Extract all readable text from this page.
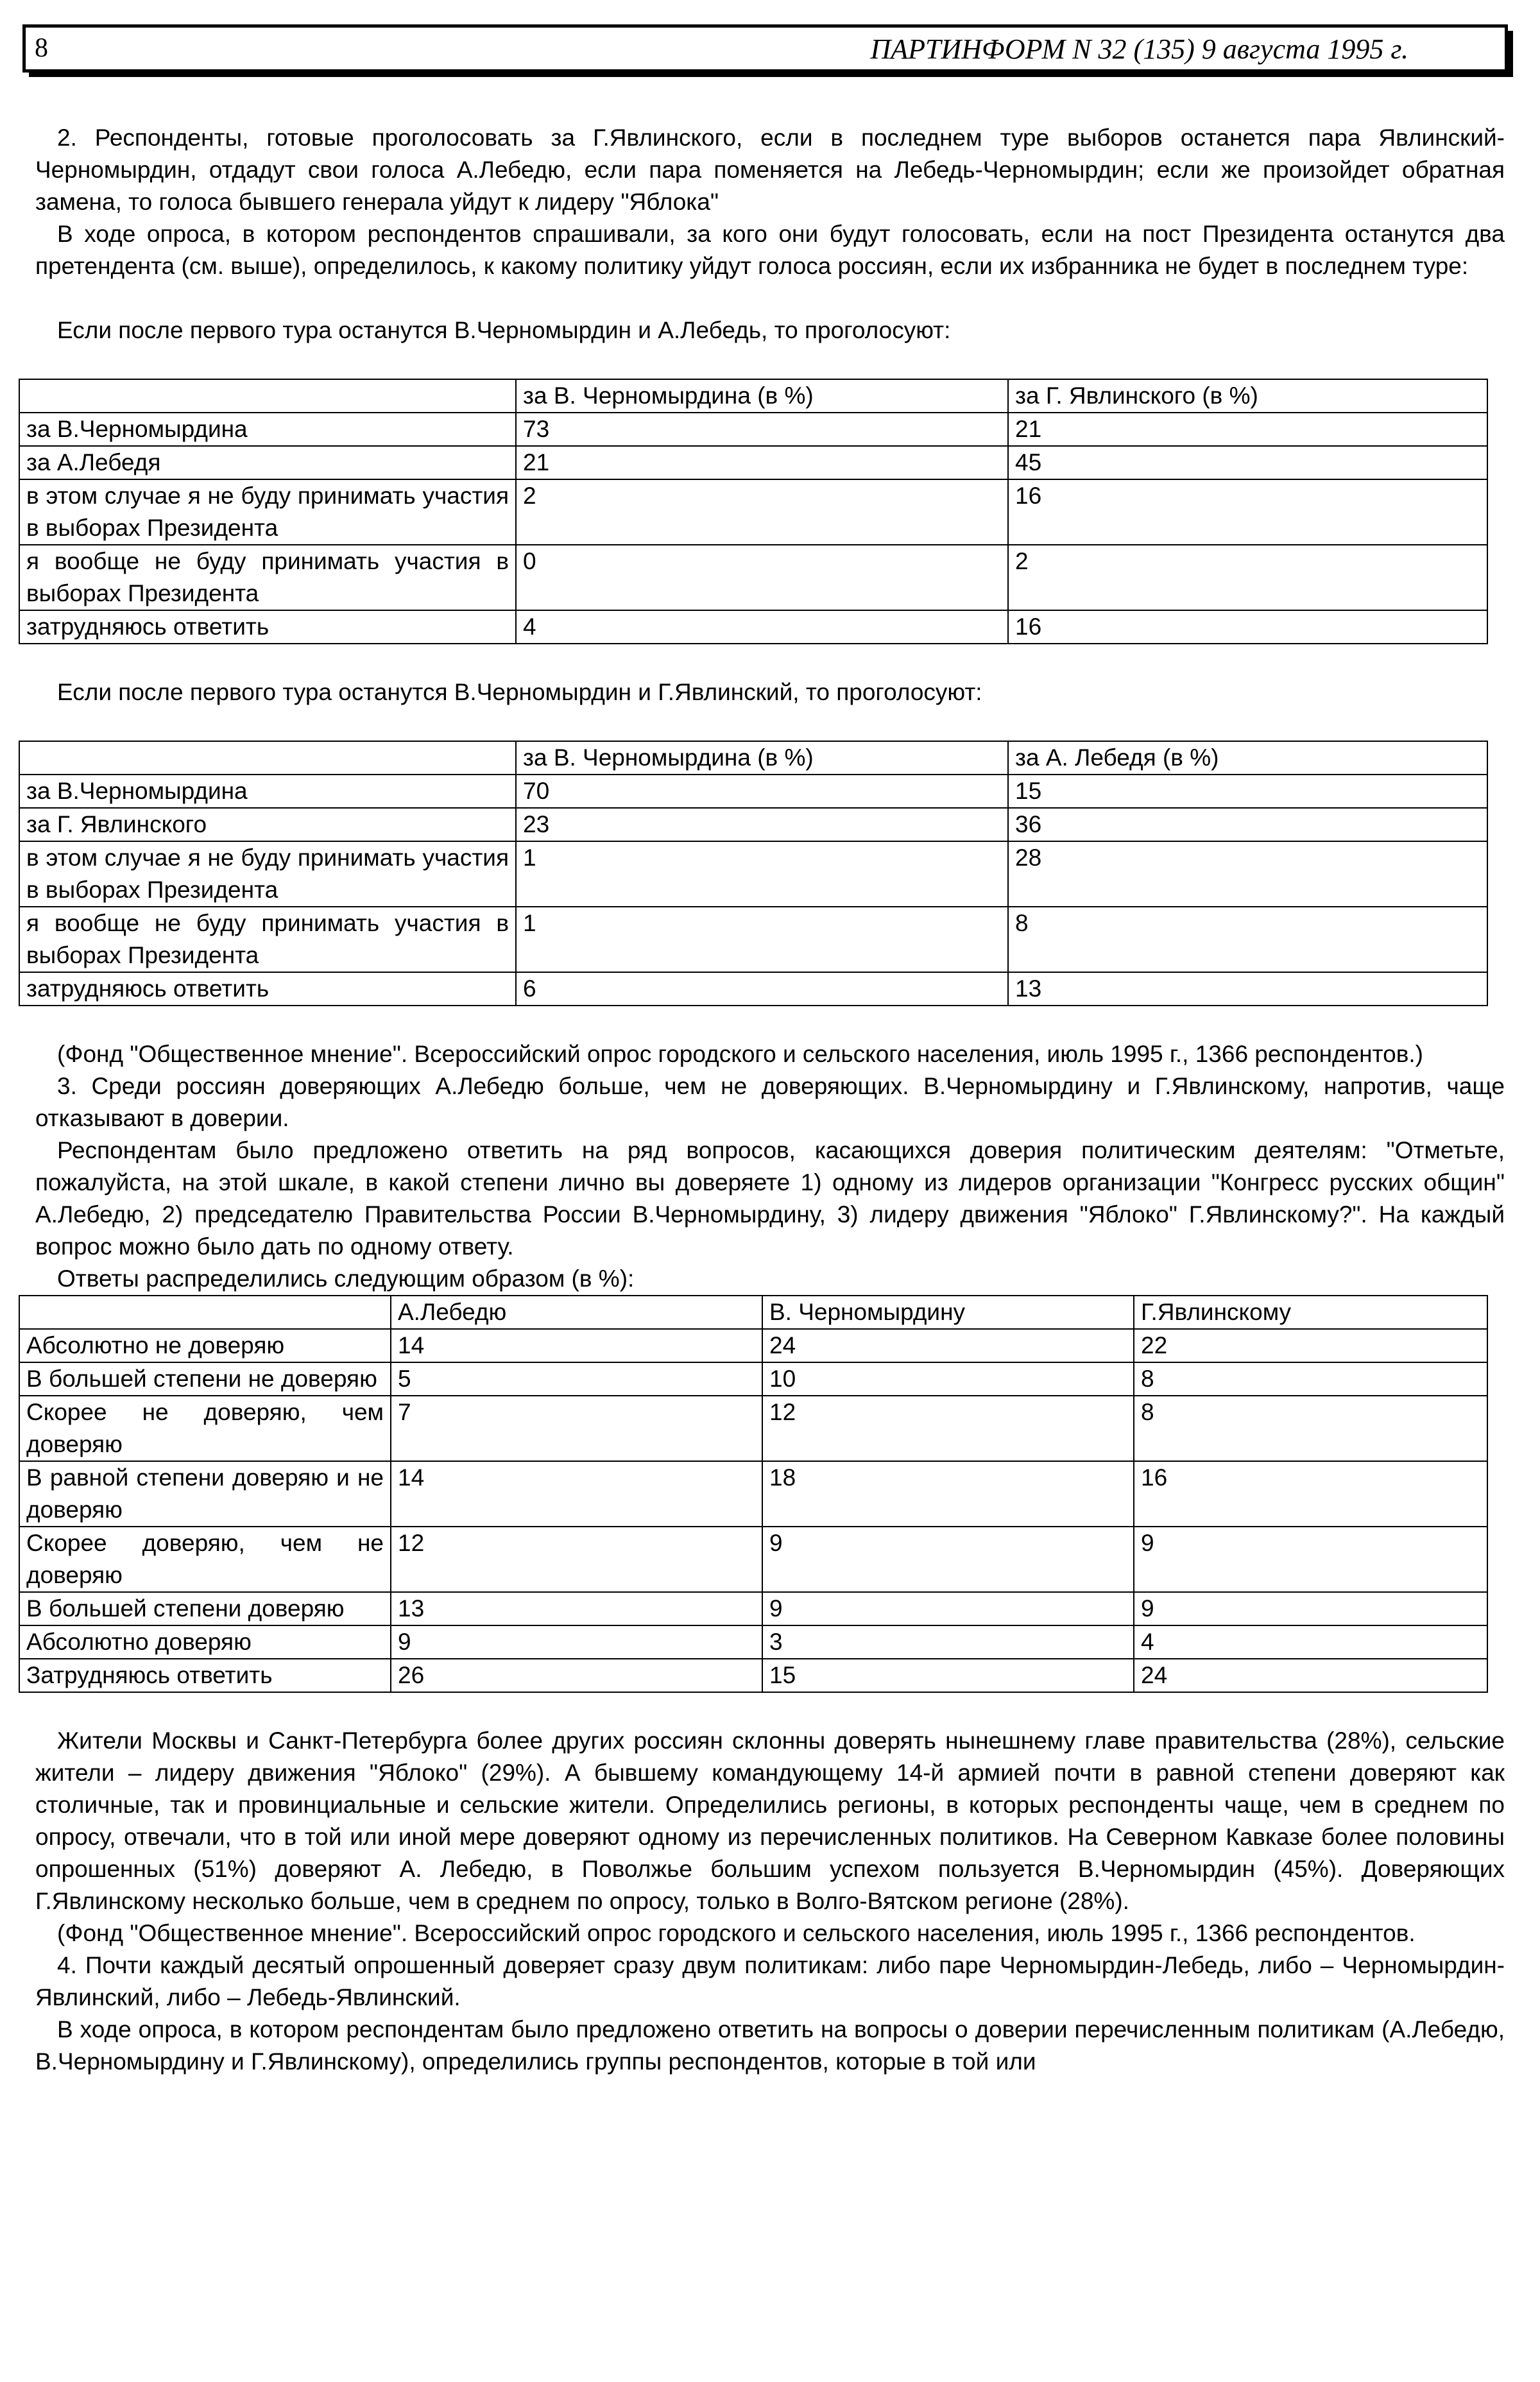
8	ПАРТИНФОРМ N 32 (135) 9 августа 1995 г.

2. Респонденты, готовые проголосовать за Г.Явлинского, если в последнем туре выборов останется пара Явлинский-Черномырдин, отдадут свои голоса А.Лебедю, если пара поменяется на Лебедь-Черномырдин; если же произойдет обратная замена, то голоса бывшего генерала уйдут к лидеру "Яблока"

В ходе опроса, в котором респондентов спрашивали, за кого они будут голосовать, если на пост Президента останутся два претендента (см. выше), определилось, к какому политику уйдут голоса россиян, если их избранника не будет в последнем туре:

Если после первого тура останутся В.Черномырдин и А.Лебедь, то проголосуют:

	за В. Черномырдина (в %)	за Г. Явлинского (в %)
за В.Черномырдина	73	21
за А.Лебедя	21	45
в этом случае я не буду принимать участия в выборах Президента	2	16
я вообще не буду принимать участия в выборах Президента	0	2
затрудняюсь ответить	4	16

Если после первого тура останутся В.Черномырдин и Г.Явлинский, то проголосуют:

	за В. Черномырдина (в %)	за А. Лебедя (в %)
за В.Черномырдина	70	15
за Г. Явлинского	23	36
в этом случае я не буду принимать участия в выборах Президента	1	28
я вообще не буду принимать участия в выборах Президента	1	8
затрудняюсь ответить	6	13

(Фонд "Общественное мнение". Всероссийский опрос городского и сельского населения, июль 1995 г., 1366 респондентов.)

3. Среди россиян доверяющих А.Лебедю больше, чем не доверяющих. В.Черномырдину и Г.Явлинскому, напротив, чаще отказывают в доверии.

Респондентам было предложено ответить на ряд вопросов, касающихся доверия политическим деятелям: "Отметьте, пожалуйста, на этой шкале, в какой степени лично вы доверяете 1) одному из лидеров организации "Конгресс русских общин" А.Лебедю, 2) председателю Правительства России В.Черномырдину, 3) лидеру движения "Яблоко" Г.Явлинскому?". На каждый вопрос можно было дать по одному ответу.

Ответы распределились следующим образом (в %):

	А.Лебедю	В. Черномырдину	Г.Явлинскому
Абсолютно не доверяю	14	24	22
В большей степени не доверяю	5	10	8
Скорее не доверяю, чем доверяю	7	12	8
В равной степени доверяю и не доверяю	14	18	16
Скорее доверяю, чем не доверяю	12	9	9
В большей степени доверяю	13	9	9
Абсолютно доверяю	9	3	4
Затрудняюсь ответить	26	15	24

Жители Москвы и Санкт-Петербурга более других россиян склонны доверять нынешнему главе правительства (28%), сельские жители – лидеру движения "Яблоко" (29%). А бывшему командующему 14-й армией почти в равной степени доверяют как столичные, так и провинциальные и сельские жители. Определились регионы, в которых респонденты чаще, чем в среднем по опросу, отвечали, что в той или иной мере доверяют одному из перечисленных политиков. На Северном Кавказе более половины опрошенных (51%) доверяют А. Лебедю, в Поволжье большим успехом пользуется В.Черномырдин (45%). Доверяющих Г.Явлинскому несколько больше, чем в среднем по опросу, только в Волго-Вятском регионе (28%).

(Фонд "Общественное мнение". Всероссийский опрос городского и сельского населения, июль 1995 г., 1366 респондентов.

4. Почти каждый десятый опрошенный доверяет сразу двум политикам: либо паре Черномырдин-Лебедь, либо – Черномырдин-Явлинский, либо – Лебедь-Явлинский.

В ходе опроса, в котором респондентам было предложено ответить на вопросы о доверии перечисленным политикам (А.Лебедю, В.Черномырдину и Г.Явлинскому), определились группы респондентов, которые в той или
